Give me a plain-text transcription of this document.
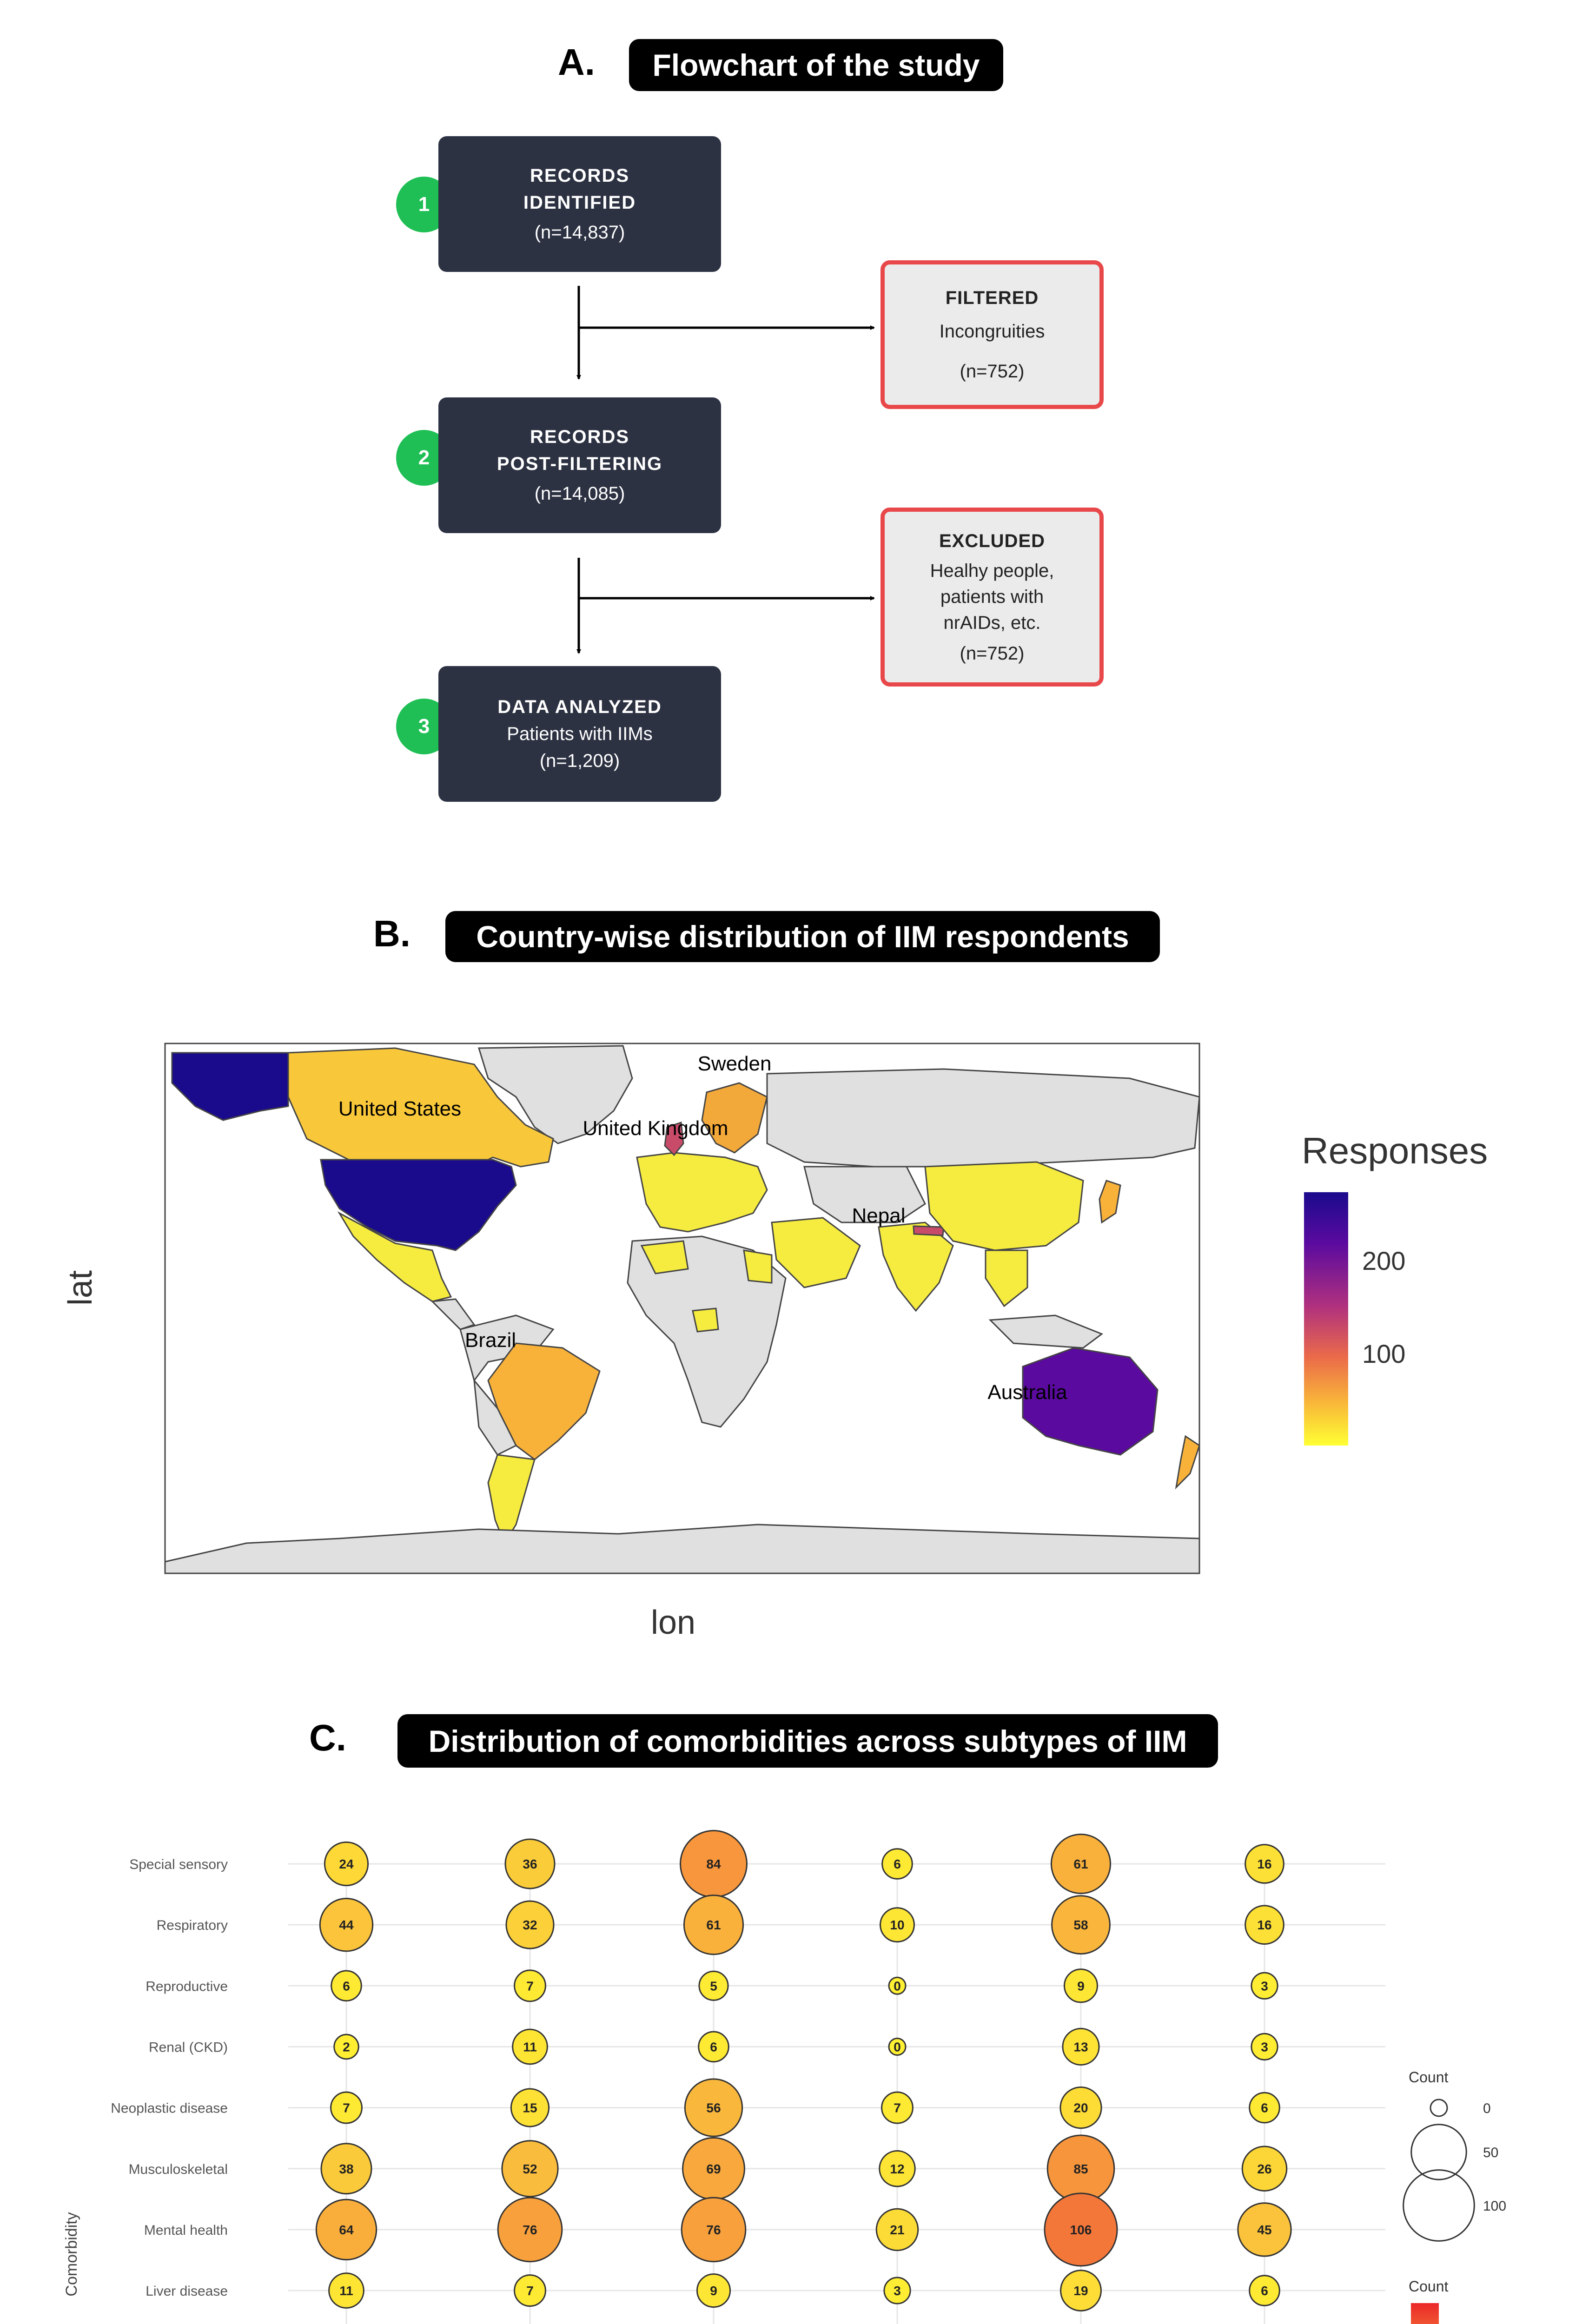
A.	Flowchart of the study
1
RECORDS
IDENTIFIED
(n=14,837)
2
RECORDS
POST-FILTERING
(n=14,085)
3
DATA ANALYZED
Patients with IIMs
(n=1,209)
FILTERED
Incongruities
(n=752)
EXCLUDED
Healhy people,
patients with
nrAIDs, etc.
(n=752)
B.	Country-wise distribution of IIM respondents
Sweden
United States
United Kingdom
Nepal
Brazil
Australia
lat
lon
Responses
200
100
C.	Distribution of comorbidities across subtypes of IIM
Special sensory
Respiratory
Reproductive
Renal (CKD)
Neoplastic disease
Musculoskeletal
Mental health
Liver disease
Comorbidity
24	36	84	6	61	16
44	32	61	10	58	16
6	7	5	0	9	3
2	11	6	0	13	3
7	15	56	7	20	6
38	52	69	12	85	26
64	76	76	21	106	45
11	7	9	3	19	6
Count
0
50
100
Count
